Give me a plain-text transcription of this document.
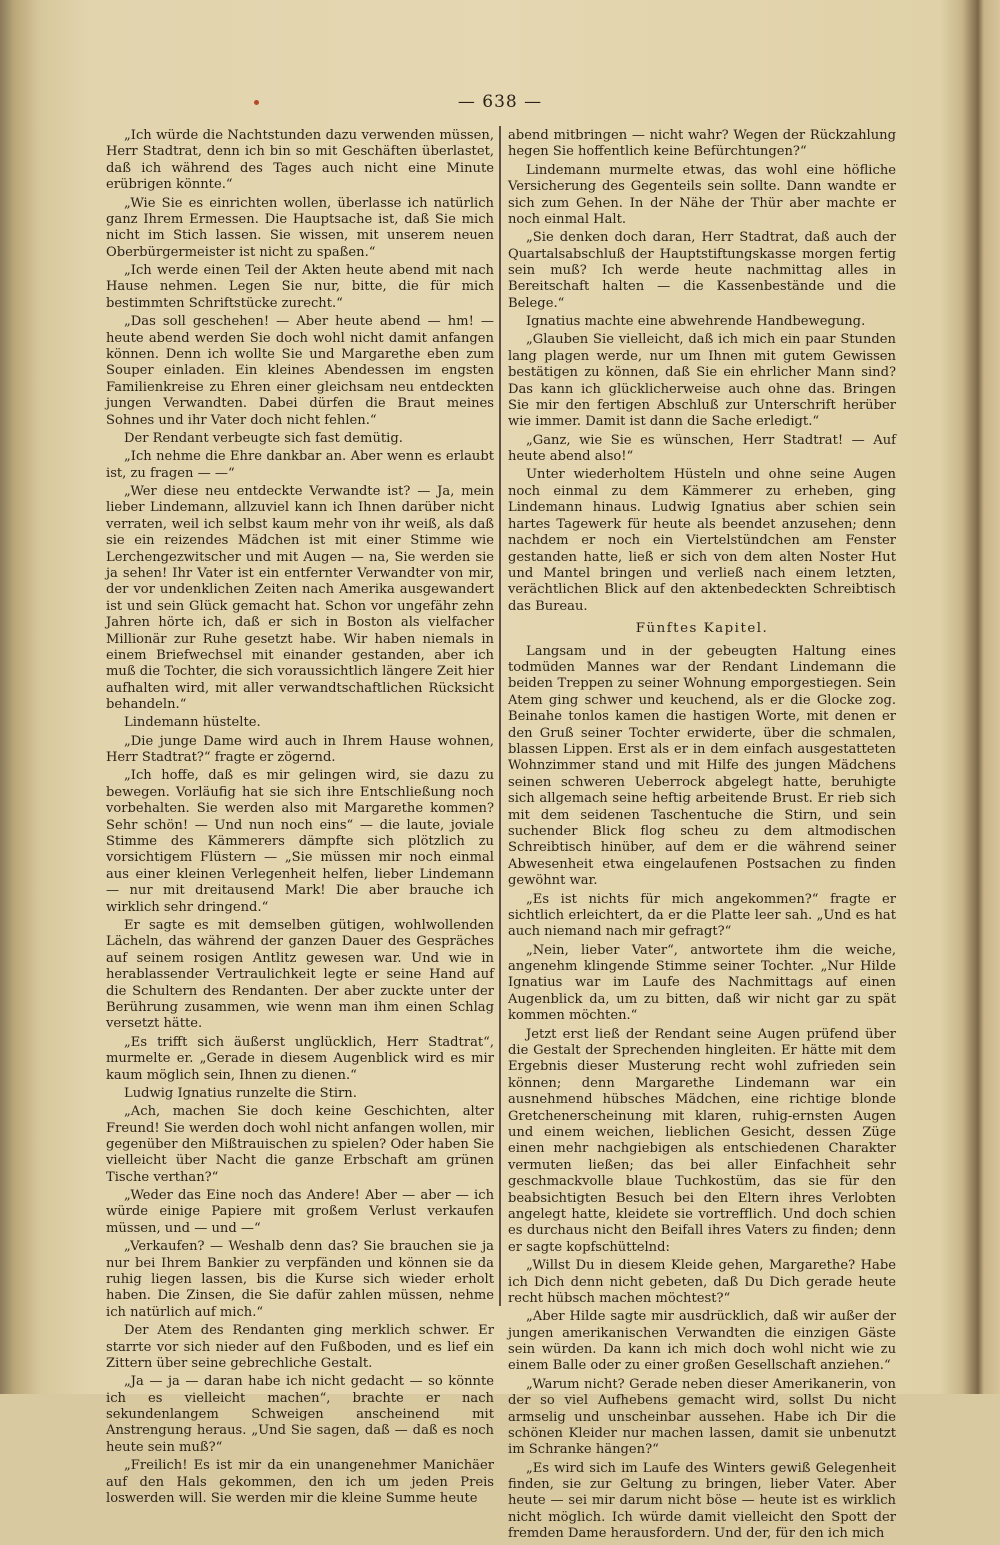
— 638 —

„Ich würde die Nachtstunden dazu verwenden müssen, Herr Stadtrat, denn ich bin so mit Geschäften überlastet, daß ich während des Tages auch nicht eine Minute erübrigen könnte.“

„Wie Sie es einrichten wollen, überlasse ich natürlich ganz Ihrem Ermessen. Die Hauptsache ist, daß Sie mich nicht im Stich lassen. Sie wissen, mit unserem neuen Oberbürgermeister ist nicht zu spaßen.“

„Ich werde einen Teil der Akten heute abend mit nach Hause nehmen. Legen Sie nur, bitte, die für mich bestimmten Schriftstücke zurecht.“

„Das soll geschehen! — Aber heute abend — hm! — heute abend werden Sie doch wohl nicht damit anfangen können. Denn ich wollte Sie und Margarethe eben zum Souper einladen. Ein kleines Abendessen im engsten Familienkreise zu Ehren einer gleichsam neu entdeckten jungen Verwandten. Dabei dürfen die Braut meines Sohnes und ihr Vater doch nicht fehlen.“

Der Rendant verbeugte sich fast demütig.

„Ich nehme die Ehre dankbar an. Aber wenn es erlaubt ist, zu fragen — —“

„Wer diese neu entdeckte Verwandte ist? — Ja, mein lieber Lindemann, allzuviel kann ich Ihnen darüber nicht verraten, weil ich selbst kaum mehr von ihr weiß, als daß sie ein reizendes Mädchen ist mit einer Stimme wie Lerchengezwitscher und mit Augen — na, Sie werden sie ja sehen! Ihr Vater ist ein entfernter Verwandter von mir, der vor undenklichen Zeiten nach Amerika ausgewandert ist und sein Glück gemacht hat. Schon vor ungefähr zehn Jahren hörte ich, daß er sich in Boston als vielfacher Millionär zur Ruhe gesetzt habe. Wir haben niemals in einem Briefwechsel mit einander gestanden, aber ich muß die Tochter, die sich voraussichtlich längere Zeit hier aufhalten wird, mit aller verwandtschaftlichen Rücksicht behandeln.“

Lindemann hüstelte.

„Die junge Dame wird auch in Ihrem Hause wohnen, Herr Stadtrat?“ fragte er zögernd.

„Ich hoffe, daß es mir gelingen wird, sie dazu zu bewegen. Vorläufig hat sie sich ihre Entschließung noch vorbehalten. Sie werden also mit Margarethe kommen? Sehr schön! — Und nun noch eins“ — die laute, joviale Stimme des Kämmerers dämpfte sich plötzlich zu vorsichtigem Flüstern — „Sie müssen mir noch einmal aus einer kleinen Verlegenheit helfen, lieber Lindemann — nur mit dreitausend Mark! Die aber brauche ich wirklich sehr dringend.“

Er sagte es mit demselben gütigen, wohlwollenden Lächeln, das während der ganzen Dauer des Gespräches auf seinem rosigen Antlitz gewesen war. Und wie in herablassender Vertraulichkeit legte er seine Hand auf die Schultern des Rendanten. Der aber zuckte unter der Berührung zusammen, wie wenn man ihm einen Schlag versetzt hätte.

„Es trifft sich äußerst unglücklich, Herr Stadtrat“, murmelte er. „Gerade in diesem Augenblick wird es mir kaum möglich sein, Ihnen zu dienen.“

Ludwig Ignatius runzelte die Stirn.

„Ach, machen Sie doch keine Geschichten, alter Freund! Sie werden doch wohl nicht anfangen wollen, mir gegenüber den Mißtrauischen zu spielen? Oder haben Sie vielleicht über Nacht die ganze Erbschaft am grünen Tische verthan?“

„Weder das Eine noch das Andere! Aber — aber — ich würde einige Papiere mit großem Verlust verkaufen müssen, und — und —“

„Verkaufen? — Weshalb denn das? Sie brauchen sie ja nur bei Ihrem Bankier zu verpfänden und können sie da ruhig liegen lassen, bis die Kurse sich wieder erholt haben. Die Zinsen, die Sie dafür zahlen müssen, nehme ich natürlich auf mich.“

Der Atem des Rendanten ging merklich schwer. Er starrte vor sich nieder auf den Fußboden, und es lief ein Zittern über seine gebrechliche Gestalt.

„Ja — ja — daran habe ich nicht gedacht — so könnte ich es vielleicht machen“, brachte er nach sekundenlangem Schweigen anscheinend mit Anstrengung heraus. „Und Sie sagen, daß — daß es noch heute sein muß?“

„Freilich! Es ist mir da ein unangenehmer Manichäer auf den Hals gekommen, den ich um jeden Preis loswerden will. Sie werden mir die kleine Summe heute

abend mitbringen — nicht wahr? Wegen der Rückzahlung hegen Sie hoffentlich keine Befürchtungen?“

Lindemann murmelte etwas, das wohl eine höfliche Versicherung des Gegenteils sein sollte. Dann wandte er sich zum Gehen. In der Nähe der Thür aber machte er noch einmal Halt.

„Sie denken doch daran, Herr Stadtrat, daß auch der Quartalsabschluß der Hauptstiftungskasse morgen fertig sein muß? Ich werde heute nachmittag alles in Bereitschaft halten — die Kassenbestände und die Belege.“

Ignatius machte eine abwehrende Handbewegung.

„Glauben Sie vielleicht, daß ich mich ein paar Stunden lang plagen werde, nur um Ihnen mit gutem Gewissen bestätigen zu können, daß Sie ein ehrlicher Mann sind? Das kann ich glücklicherweise auch ohne das. Bringen Sie mir den fertigen Abschluß zur Unterschrift herüber wie immer. Damit ist dann die Sache erledigt.“

„Ganz, wie Sie es wünschen, Herr Stadtrat! — Auf heute abend also!“

Unter wiederholtem Hüsteln und ohne seine Augen noch einmal zu dem Kämmerer zu erheben, ging Lindemann hinaus. Ludwig Ignatius aber schien sein hartes Tagewerk für heute als beendet anzusehen; denn nachdem er noch ein Viertelstündchen am Fenster gestanden hatte, ließ er sich von dem alten Noster Hut und Mantel bringen und verließ nach einem letzten, verächtlichen Blick auf den aktenbedeckten Schreibtisch das Bureau.

Fünftes Kapitel.

Langsam und in der gebeugten Haltung eines todmüden Mannes war der Rendant Lindemann die beiden Treppen zu seiner Wohnung emporgestiegen. Sein Atem ging schwer und keuchend, als er die Glocke zog. Beinahe tonlos kamen die hastigen Worte, mit denen er den Gruß seiner Tochter erwiderte, über die schmalen, blassen Lippen. Erst als er in dem einfach ausgestatteten Wohnzimmer stand und mit Hilfe des jungen Mädchens seinen schweren Ueberrock abgelegt hatte, beruhigte sich allgemach seine heftig arbeitende Brust. Er rieb sich mit dem seidenen Taschentuche die Stirn, und sein suchender Blick flog scheu zu dem altmodischen Schreibtisch hinüber, auf dem er die während seiner Abwesenheit etwa eingelaufenen Postsachen zu finden gewöhnt war.

„Es ist nichts für mich angekommen?“ fragte er sichtlich erleichtert, da er die Platte leer sah. „Und es hat auch niemand nach mir gefragt?“

„Nein, lieber Vater“, antwortete ihm die weiche, angenehm klingende Stimme seiner Tochter. „Nur Hilde Ignatius war im Laufe des Nachmittags auf einen Augenblick da, um zu bitten, daß wir nicht gar zu spät kommen möchten.“

Jetzt erst ließ der Rendant seine Augen prüfend über die Gestalt der Sprechenden hingleiten. Er hätte mit dem Ergebnis dieser Musterung recht wohl zufrieden sein können; denn Margarethe Lindemann war ein ausnehmend hübsches Mädchen, eine richtige blonde Gretchenerscheinung mit klaren, ruhig-ernsten Augen und einem weichen, lieblichen Gesicht, dessen Züge einen mehr nachgiebigen als entschiedenen Charakter vermuten ließen; das bei aller Einfachheit sehr geschmackvolle blaue Tuchkostüm, das sie für den beabsichtigten Besuch bei den Eltern ihres Verlobten angelegt hatte, kleidete sie vortrefflich. Und doch schien es durchaus nicht den Beifall ihres Vaters zu finden; denn er sagte kopfschüttelnd:

„Willst Du in diesem Kleide gehen, Margarethe? Habe ich Dich denn nicht gebeten, daß Du Dich gerade heute recht hübsch machen möchtest?“

„Aber Hilde sagte mir ausdrücklich, daß wir außer der jungen amerikanischen Verwandten die einzigen Gäste sein würden. Da kann ich mich doch wohl nicht wie zu einem Balle oder zu einer großen Gesellschaft anziehen.“

„Warum nicht? Gerade neben dieser Amerikanerin, von der so viel Aufhebens gemacht wird, sollst Du nicht armselig und unscheinbar aussehen. Habe ich Dir die schönen Kleider nur machen lassen, damit sie unbenutzt im Schranke hängen?“

„Es wird sich im Laufe des Winters gewiß Gelegenheit finden, sie zur Geltung zu bringen, lieber Vater. Aber heute — sei mir darum nicht böse — heute ist es wirklich nicht möglich. Ich würde damit vielleicht den Spott der fremden Dame herausfordern. Und der, für den ich mich
